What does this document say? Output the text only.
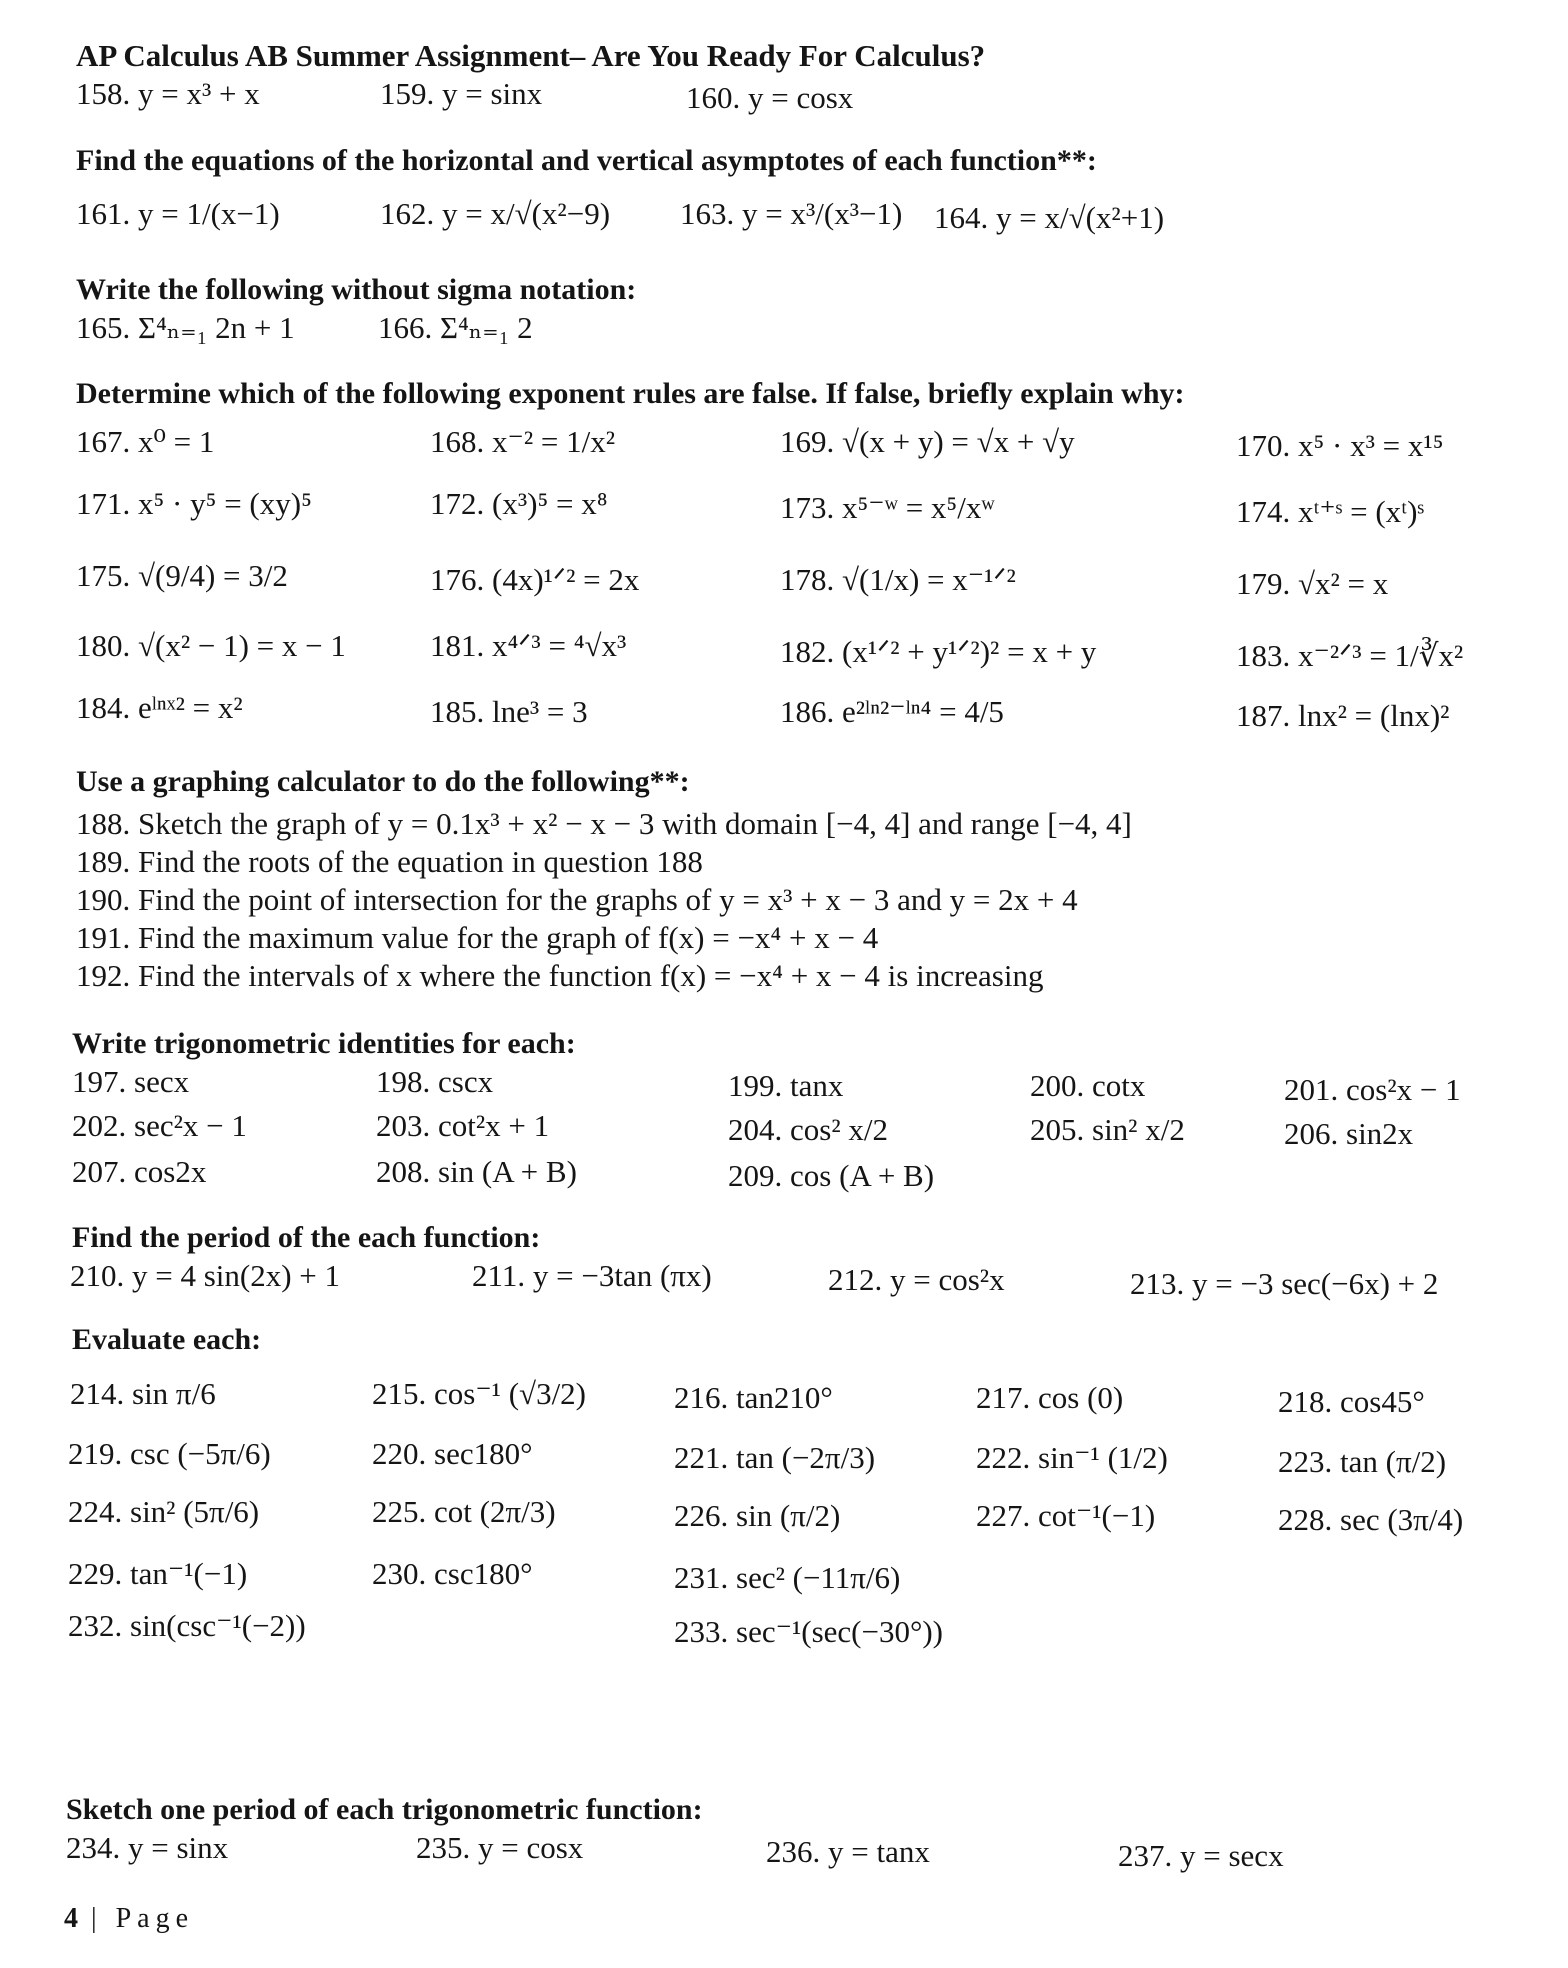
AP Calculus AB Summer Assignment– Are You Ready For Calculus?
158. y = x³ + x	159. y = sinx	160. y = cosx
Find the equations of the horizontal and vertical asymptotes of each function**:
161. y = 1/(x−1)	162. y = x/√(x²−9) 163. y = x³/(x³−1) 164. y = x/√(x²+1)
Write the following without sigma notation:
165. Σ⁴ₙ₌₁ 2n + 1	166. Σ⁴ₙ₌₁ 2
Determine which of the following exponent rules are false. If false, briefly explain why:
167. x⁰ = 1	168. x⁻² = 1/x²	169. √(x + y) = √x + √y	170. x⁵ · x³ = x¹⁵
171. x⁵ · y⁵ = (xy)⁵	172. (x³)⁵ = x⁸	173. x⁵⁻ʷ = x⁵/xʷ	174. xᵗ⁺ˢ = (xᵗ)ˢ
175. √(9/4) = 3/2	176. (4x)¹ᐟ² = 2x	178. √(1/x) = x⁻¹ᐟ²	179. √x² = x
180. √(x² − 1) = x − 1	181. x⁴ᐟ³ = ⁴√x³	182. (x¹ᐟ² + y¹ᐟ²)² = x + y	183. x⁻²ᐟ³ = 1/∛x²
184. eˡⁿˣ² = x²	185. lne³ = 3	186. e²ˡⁿ²⁻ˡⁿ⁴ = 4/5	187. lnx² = (lnx)²
Use a graphing calculator to do the following**:
188. Sketch the graph of y = 0.1x³ + x² − x − 3 with domain [−4, 4] and range [−4, 4]
189. Find the roots of the equation in question 188
190. Find the point of intersection for the graphs of y = x³ + x − 3 and y = 2x + 4
191. Find the maximum value for the graph of f(x) = −x⁴ + x − 4
192. Find the intervals of x where the function f(x) = −x⁴ + x − 4 is increasing
Write trigonometric identities for each:
197. secx	198. cscx	199. tanx	200. cotx	201. cos²x − 1
202. sec²x − 1	203. cot²x + 1	204. cos² x/2	205. sin² x/2	206. sin2x
207. cos2x	208. sin (A + B)	209. cos (A + B)
Find the period of the each function:
210. y = 4 sin(2x) + 1	211. y = −3tan (πx)	212. y = cos²x	213. y = −3 sec(−6x) + 2
Evaluate each:
214. sin π/6	215. cos⁻¹ (√3/2)	216. tan210°	217. cos (0)	218. cos45°
219. csc (−5π/6)	220. sec180°	221. tan (−2π/3)	222. sin⁻¹ (1/2)	223. tan (π/2)
224. sin² (5π/6)	225. cot (2π/3)	226. sin (π/2)	227. cot⁻¹(−1)	228. sec (3π/4)
229. tan⁻¹(−1)	230. csc180°	231. sec² (−11π/6)
232. sin(csc⁻¹(−2))	233. sec⁻¹(sec(−30°))
Sketch one period of each trigonometric function:
234. y = sinx	235. y = cosx	236. y = tanx	237. y = secx
4 | Page
